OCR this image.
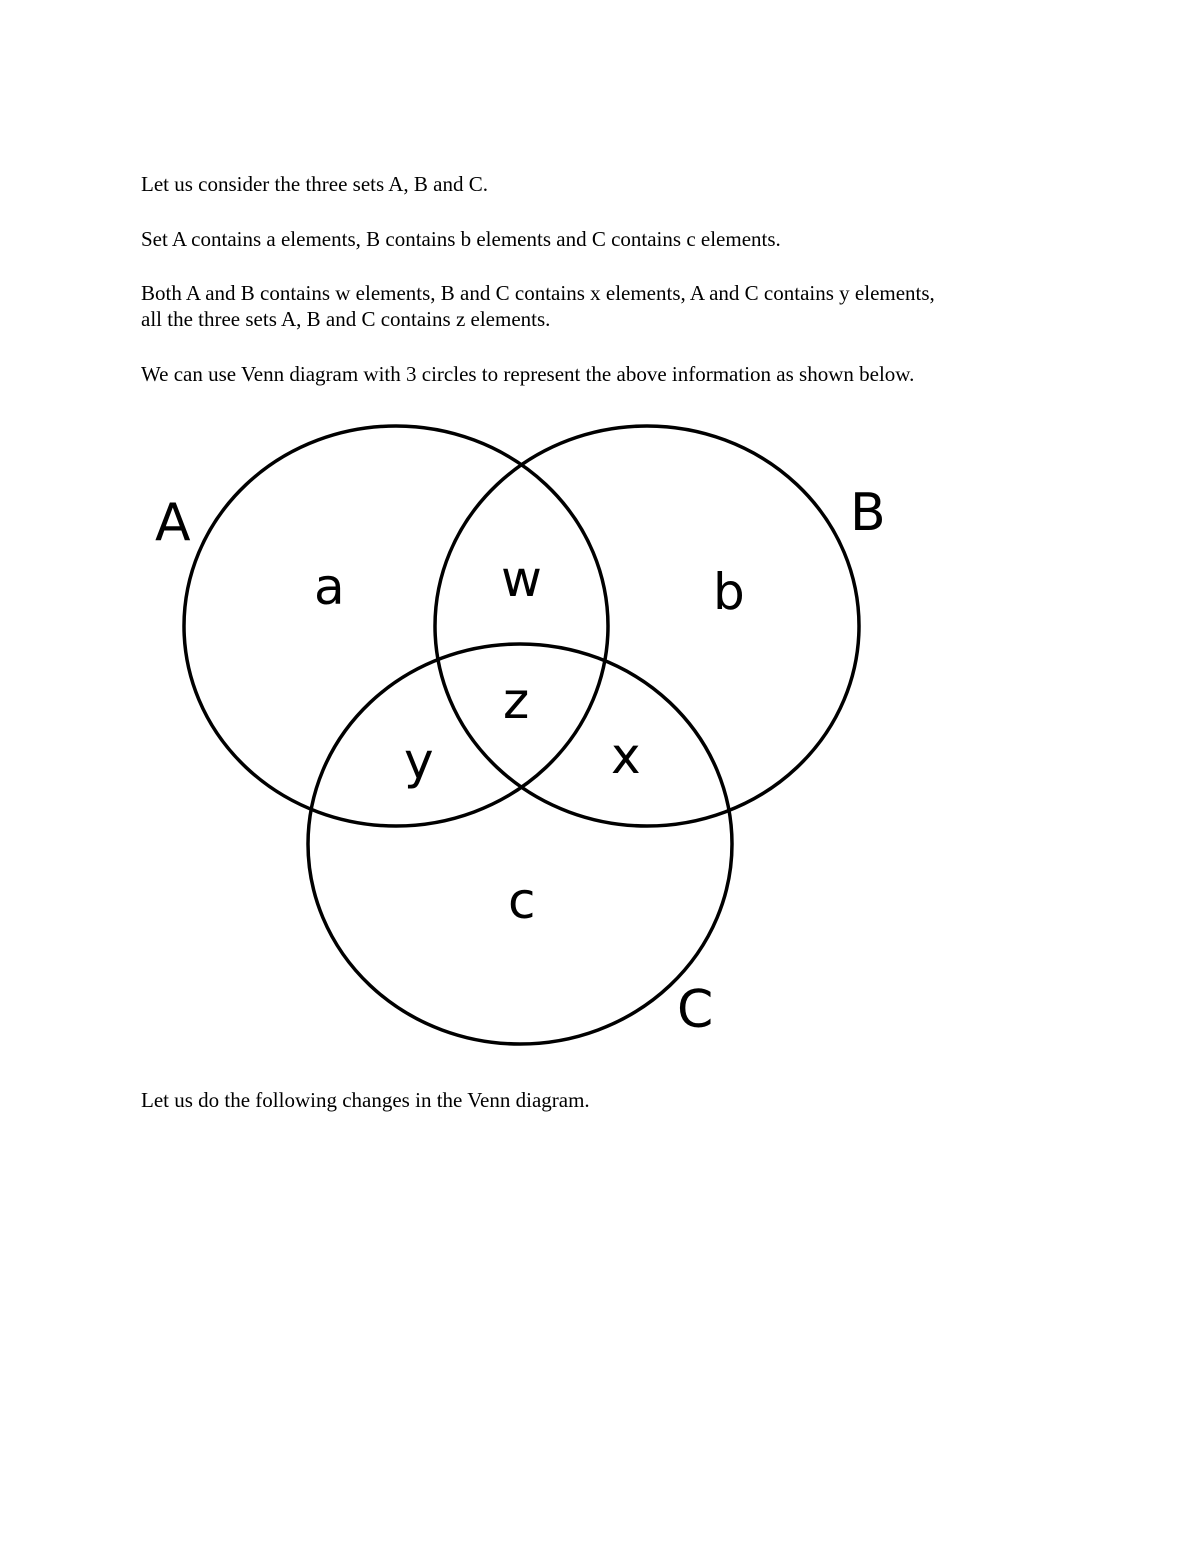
Let us consider the three sets A, B and C.

Set A contains a elements, B contains b elements and C contains c elements.

Both A and B contains w elements, B and C contains x elements, A and C contains y elements,
all the three sets A, B and C contains z elements.

We can use Venn diagram with 3 circles to represent the above information as shown below.

A	B
C
a	w	b
z
y	x
c

Let us do the following changes in the Venn diagram.
